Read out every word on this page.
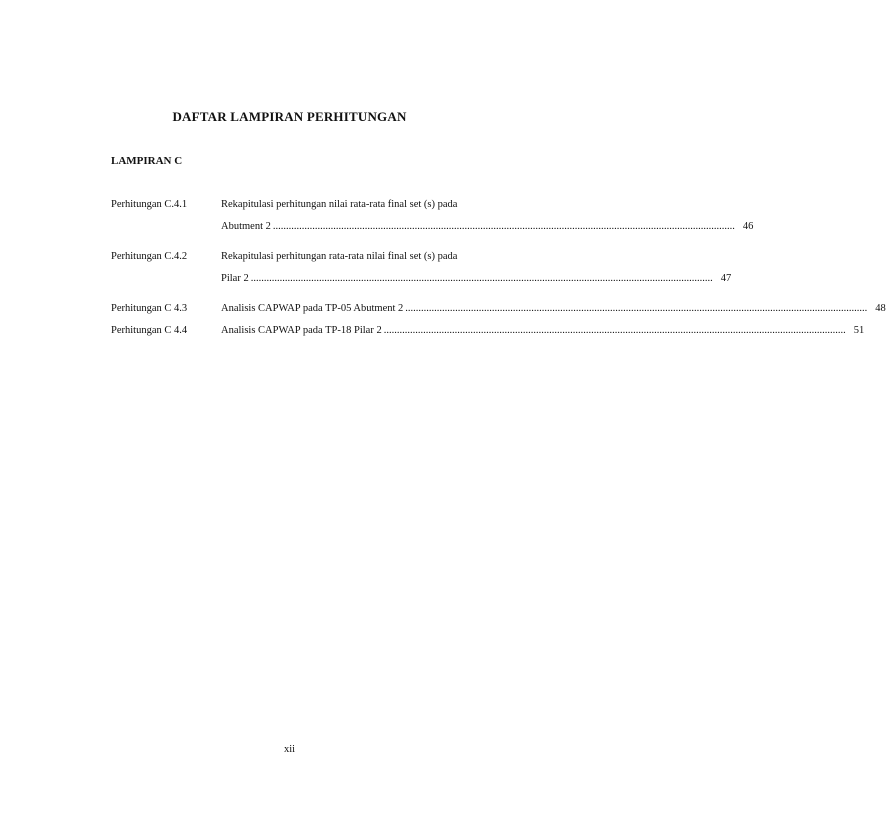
DAFTAR LAMPIRAN PERHITUNGAN
LAMPIRAN C
Perhitungan C.4.1	Rekapitulasi perhitungan nilai rata-rata final set (s) pada
Abutment 2 .....	46
Perhitungan C.4.2	Rekapitulasi perhitungan rata-rata nilai final set (s) pada
Pilar 2 .....	47
Perhitungan C 4.3	Analisis CAPWAP pada TP-05 Abutment 2 .....	48
Perhitungan C 4.4	Analisis CAPWAP pada TP-18 Pilar 2 .....	51
xii
